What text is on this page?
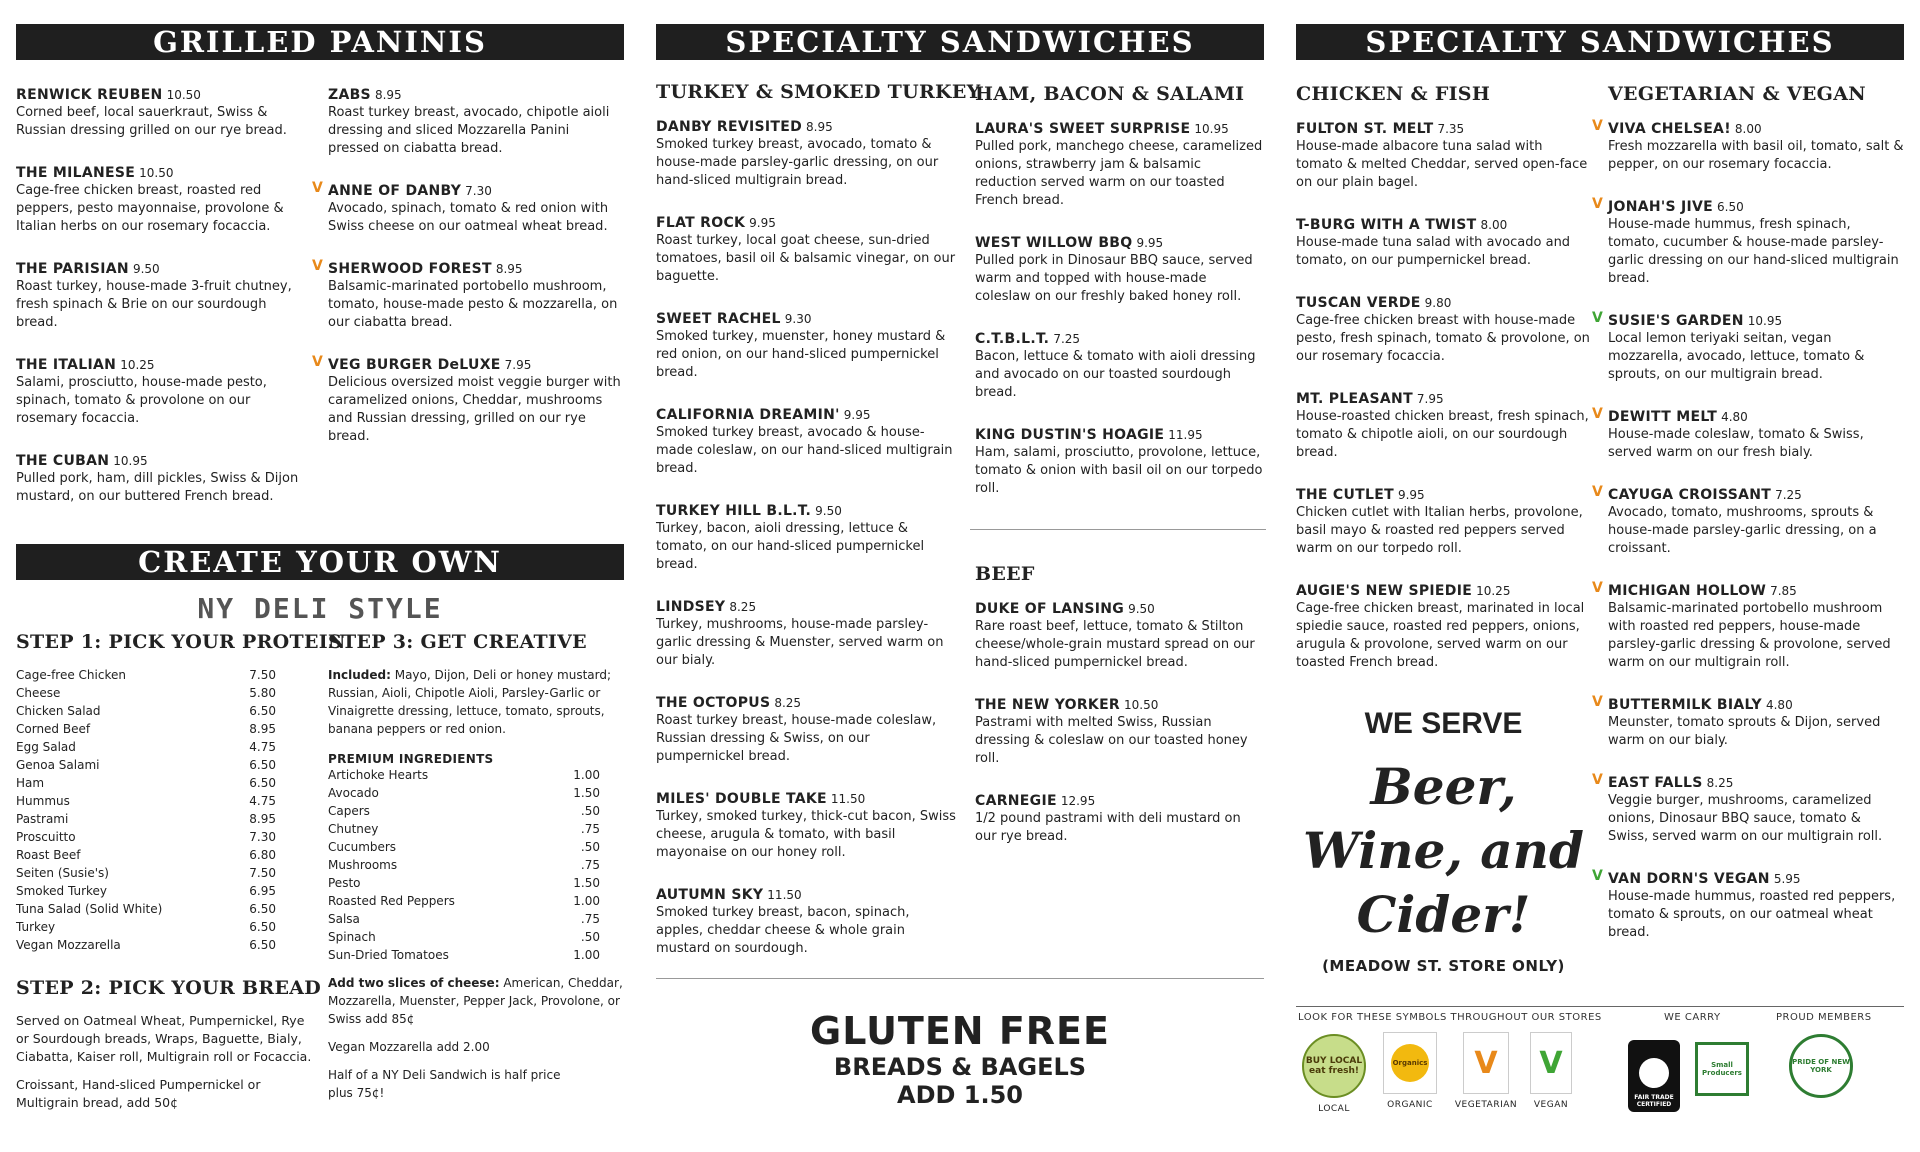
GRILLED PANINIS
RENWICK REUBEN 10.50
Corned beef, local sauerkraut, Swiss & Russian dressing grilled on our rye bread.
THE MILANESE 10.50
Cage-free chicken breast, roasted red peppers, pesto mayonnaise, provolone & Italian herbs on our rosemary focaccia.
THE PARISIAN 9.50
Roast turkey, house-made 3-fruit chutney, fresh spinach & Brie on our sourdough bread.
THE ITALIAN 10.25
Salami, prosciutto, house-made pesto, spinach, tomato & provolone on our rosemary focaccia.
THE CUBAN 10.95
Pulled pork, ham, dill pickles, Swiss & Dijon mustard, on our buttered French bread.
ZABS 8.95
Roast turkey breast, avocado, chipotle aioli dressing and sliced Mozzarella Panini pressed on ciabatta bread.
V ANNE OF DANBY 7.30
Avocado, spinach, tomato & red onion with Swiss cheese on our oatmeal wheat bread.
V SHERWOOD FOREST 8.95
Balsamic-marinated portobello mushroom, tomato, house-made pesto & mozzarella, on our ciabatta bread.
V VEG BURGER DeLUXE 7.95
Delicious oversized moist veggie burger with caramelized onions, Cheddar, mushrooms and Russian dressing, grilled on our rye bread.
CREATE YOUR OWN
NY DELI STYLE
STEP 1: PICK YOUR PROTEIN
Cage-free Chicken	7.50
Cheese	5.80
Chicken Salad	6.50
Corned Beef	8.95
Egg Salad	4.75
Genoa Salami	6.50
Ham	6.50
Hummus	4.75
Pastrami	8.95
Proscuitto	7.30
Roast Beef	6.80
Seiten (Susie's)	7.50
Smoked Turkey	6.95
Tuna Salad (Solid White)	6.50
Turkey	6.50
Vegan Mozzarella	6.50
STEP 2: PICK YOUR BREAD
Served on Oatmeal Wheat, Pumpernickel, Rye or Sourdough breads, Wraps, Baguette, Bialy, Ciabatta, Kaiser roll, Multigrain roll or Focaccia.
Croissant, Hand-sliced Pumpernickel or Multigrain bread, add 50¢
STEP 3: GET CREATIVE
Included: Mayo, Dijon, Deli or honey mustard; Russian, Aioli, Chipotle Aioli, Parsley-Garlic or Vinaigrette dressing, lettuce, tomato, sprouts, banana peppers or red onion.
PREMIUM INGREDIENTS
Artichoke Hearts	1.00
Avocado	1.50
Capers	.50
Chutney	.75
Cucumbers	.50
Mushrooms	.75
Pesto	1.50
Roasted Red Peppers	1.00
Salsa	.75
Spinach	.50
Sun-Dried Tomatoes	1.00
Add two slices of cheese: American, Cheddar, Mozzarella, Muenster, Pepper Jack, Provolone, or Swiss add 85¢
Vegan Mozzarella add 2.00
Half of a NY Deli Sandwich is half price plus 75¢!
SPECIALTY SANDWICHES
TURKEY & SMOKED TURKEY
DANBY REVISITED 8.95
Smoked turkey breast, avocado, tomato & house-made parsley-garlic dressing, on our hand-sliced multigrain bread.
FLAT ROCK 9.95
Roast turkey, local goat cheese, sun-dried tomatoes, basil oil & balsamic vinegar, on our baguette.
SWEET RACHEL 9.30
Smoked turkey, muenster, honey mustard & red onion, on our hand-sliced pumpernickel bread.
CALIFORNIA DREAMIN' 9.95
Smoked turkey breast, avocado & house-made coleslaw, on our hand-sliced multigrain bread.
TURKEY HILL B.L.T. 9.50
Turkey, bacon, aioli dressing, lettuce & tomato, on our hand-sliced pumpernickel bread.
LINDSEY 8.25
Turkey, mushrooms, house-made parsley-garlic dressing & Muenster, served warm on our bialy.
THE OCTOPUS 8.25
Roast turkey breast, house-made coleslaw, Russian dressing & Swiss, on our pumpernickel bread.
MILES' DOUBLE TAKE 11.50
Turkey, smoked turkey, thick-cut bacon, Swiss cheese, arugula & tomato, with basil mayonaise on our honey roll.
AUTUMN SKY 11.50
Smoked turkey breast, bacon, spinach, apples, cheddar cheese & whole grain mustard on sourdough.
HAM, BACON & SALAMI
LAURA'S SWEET SURPRISE 10.95
Pulled pork, manchego cheese, caramelized onions, strawberry jam & balsamic reduction served warm on our toasted French bread.
WEST WILLOW BBQ 9.95
Pulled pork in Dinosaur BBQ sauce, served warm and topped with house-made coleslaw on our freshly baked honey roll.
C.T.B.L.T. 7.25
Bacon, lettuce & tomato with aioli dressing and avocado on our toasted sourdough bread.
KING DUSTIN'S HOAGIE 11.95
Ham, salami, prosciutto, provolone, lettuce, tomato & onion with basil oil on our torpedo roll.
BEEF
DUKE OF LANSING 9.50
Rare roast beef, lettuce, tomato & Stilton cheese/whole-grain mustard spread on our hand-sliced pumpernickel bread.
THE NEW YORKER 10.50
Pastrami with melted Swiss, Russian dressing & coleslaw on our toasted honey roll.
CARNEGIE 12.95
1/2 pound pastrami with deli mustard on our rye bread.
GLUTEN FREE
BREADS & BAGELS
ADD 1.50
SPECIALTY SANDWICHES
CHICKEN & FISH
FULTON ST. MELT 7.35
House-made albacore tuna salad with tomato & melted Cheddar, served open-face on our plain bagel.
T-BURG WITH A TWIST 8.00
House-made tuna salad with avocado and tomato, on our pumpernickel bread.
TUSCAN VERDE 9.80
Cage-free chicken breast with house-made pesto, fresh spinach, tomato & provolone, on our rosemary focaccia.
MT. PLEASANT 7.95
House-roasted chicken breast, fresh spinach, tomato & chipotle aioli, on our sourdough bread.
THE CUTLET 9.95
Chicken cutlet with Italian herbs, provolone, basil mayo & roasted red peppers served warm on our torpedo roll.
AUGIE'S NEW SPIEDIE 10.25
Cage-free chicken breast, marinated in local spiedie sauce, roasted red peppers, onions, arugula & provolone, served warm on our toasted French bread.
VEGETARIAN & VEGAN
V VIVA CHELSEA! 8.00
Fresh mozzarella with basil oil, tomato, salt & pepper, on our rosemary focaccia.
V JONAH'S JIVE 6.50
House-made hummus, fresh spinach, tomato, cucumber & house-made parsley-garlic dressing on our hand-sliced multigrain bread.
V SUSIE'S GARDEN 10.95
Local lemon teriyaki seitan, vegan mozzarella, avocado, lettuce, tomato & sprouts, on our multigrain bread.
V DEWITT MELT 4.80
House-made coleslaw, tomato & Swiss, served warm on our fresh bialy.
V CAYUGA CROISSANT 7.25
Avocado, tomato, mushrooms, sprouts & house-made parsley-garlic dressing, on a croissant.
V MICHIGAN HOLLOW 7.85
Balsamic-marinated portobello mushroom with roasted red peppers, house-made parsley-garlic dressing & provolone, served warm on our multigrain roll.
V BUTTERMILK BIALY 4.80
Meunster, tomato sprouts & Dijon, served warm on our bialy.
V EAST FALLS 8.25
Veggie burger, mushrooms, caramelized onions, Dinosaur BBQ sauce, tomato & Swiss, served warm on our multigrain roll.
V VAN DORN'S VEGAN 5.95
House-made hummus, roasted red peppers, tomato & sprouts, on our oatmeal wheat bread.
WE SERVE
Beer, Wine, and Cider!
(MEADOW ST. STORE ONLY)
LOOK FOR THESE SYMBOLS THROUGHOUT OUR STORES	WE CARRY	PROUD MEMBERS
BUY LOCAL eat fresh!
LOCAL
Organics
ORGANIC
V
VEGETARIAN
V
VEGAN
FAIR TRADE CERTIFIED
Small Producers
PRIDE OF NEW YORK
